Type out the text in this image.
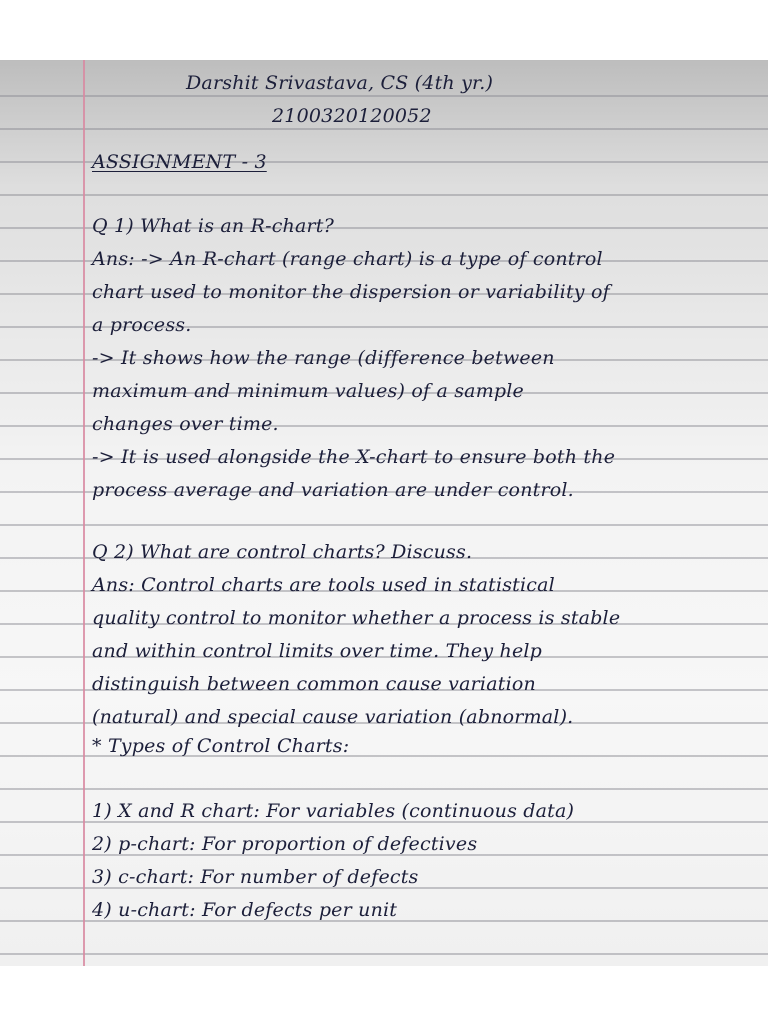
Darshit Srivastava, CS (4th yr.)

2100320120052

ASSIGNMENT - 3

Q 1) What is an R-chart?

Ans: -> An R-chart (range chart) is a type of control

chart used to monitor the dispersion or variability of

a process.

-> It shows how the range (difference between

maximum and minimum values) of a sample

changes over time.

-> It is used alongside the X-chart to ensure both the

process average and variation are under control.

Q 2) What are control charts? Discuss.

Ans: Control charts are tools used in statistical

quality control to monitor whether a process is stable

and within control limits over time. They help

distinguish between common cause variation

(natural) and special cause variation (abnormal).

* Types of Control Charts:

1) X and R chart: For variables (continuous data)

2) p-chart: For proportion of defectives

3) c-chart: For number of defects

4) u-chart: For defects per unit
